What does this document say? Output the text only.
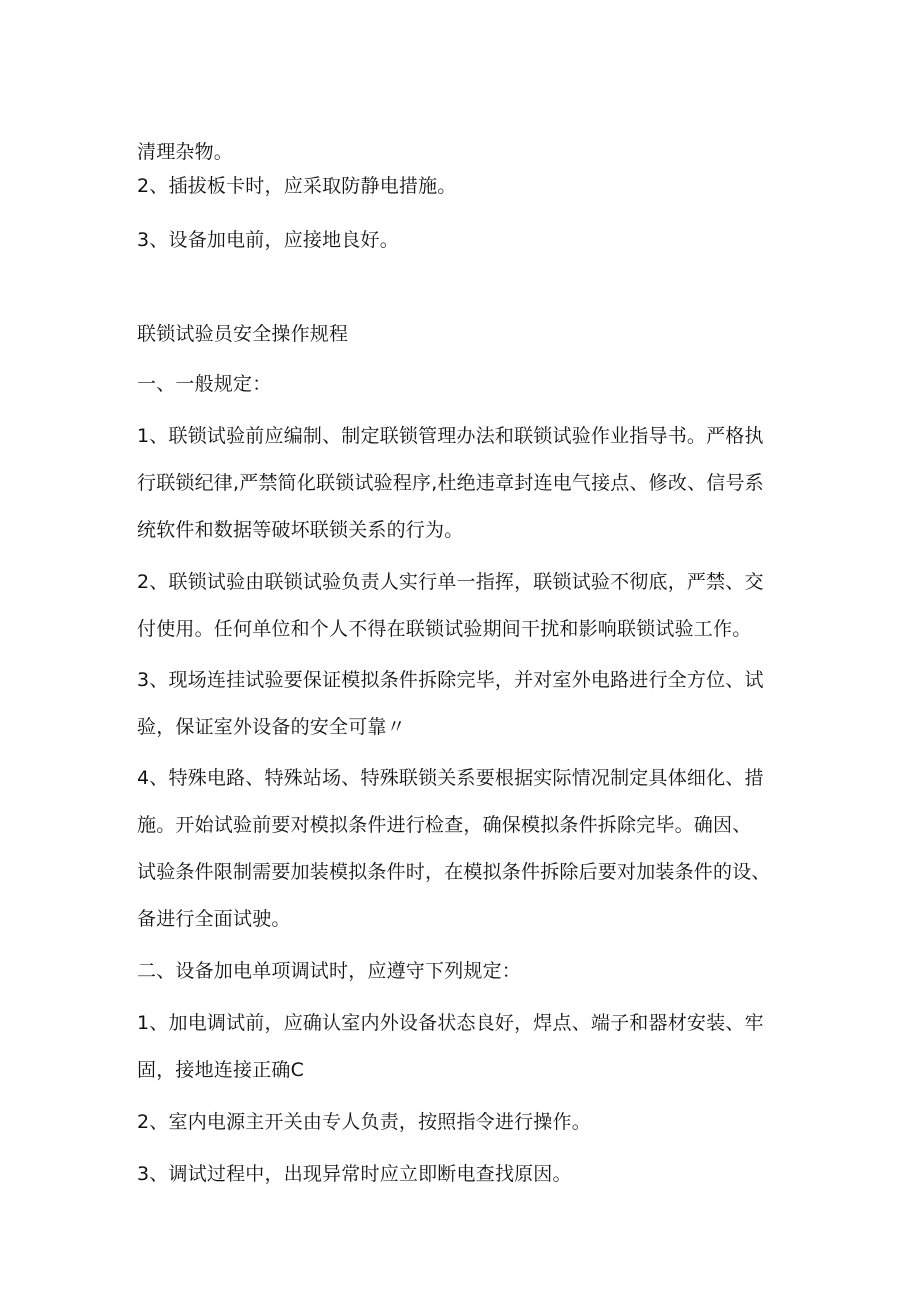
清理杂物。
2、插拔板卡时，应采取防静电措施。
3、设备加电前，应接地良好。
联锁试验员安全操作规程
一、一般规定：
1、联锁试验前应编制、制定联锁管理办法和联锁试验作业指导书。严格执
行联锁纪律,严禁简化联锁试验程序,杜绝违章封连电气接点、修改、信号系
统软件和数据等破坏联锁关系的行为。
2、联锁试验由联锁试验负责人实行单一指挥，联锁试验不彻底，严禁、交
付使用。任何单位和个人不得在联锁试验期间干扰和影响联锁试验工作。
3、现场连挂试验要保证模拟条件拆除完毕，并对室外电路进行全方位、试
验，保证室外设备的安全可靠〃
4、特殊电路、特殊站场、特殊联锁关系要根据实际情况制定具体细化、措
施。开始试验前要对模拟条件进行检查，确保模拟条件拆除完毕。确因、
试验条件限制需要加装模拟条件时，在模拟条件拆除后要对加装条件的设、
备进行全面试驶。
二、设备加电单项调试时，应遵守下列规定：
1、加电调试前，应确认室内外设备状态良好，焊点、端子和器材安装、牢
固，接地连接正确C
2、室内电源主开关由专人负责，按照指令进行操作。
3、调试过程中，出现异常时应立即断电查找原因。
